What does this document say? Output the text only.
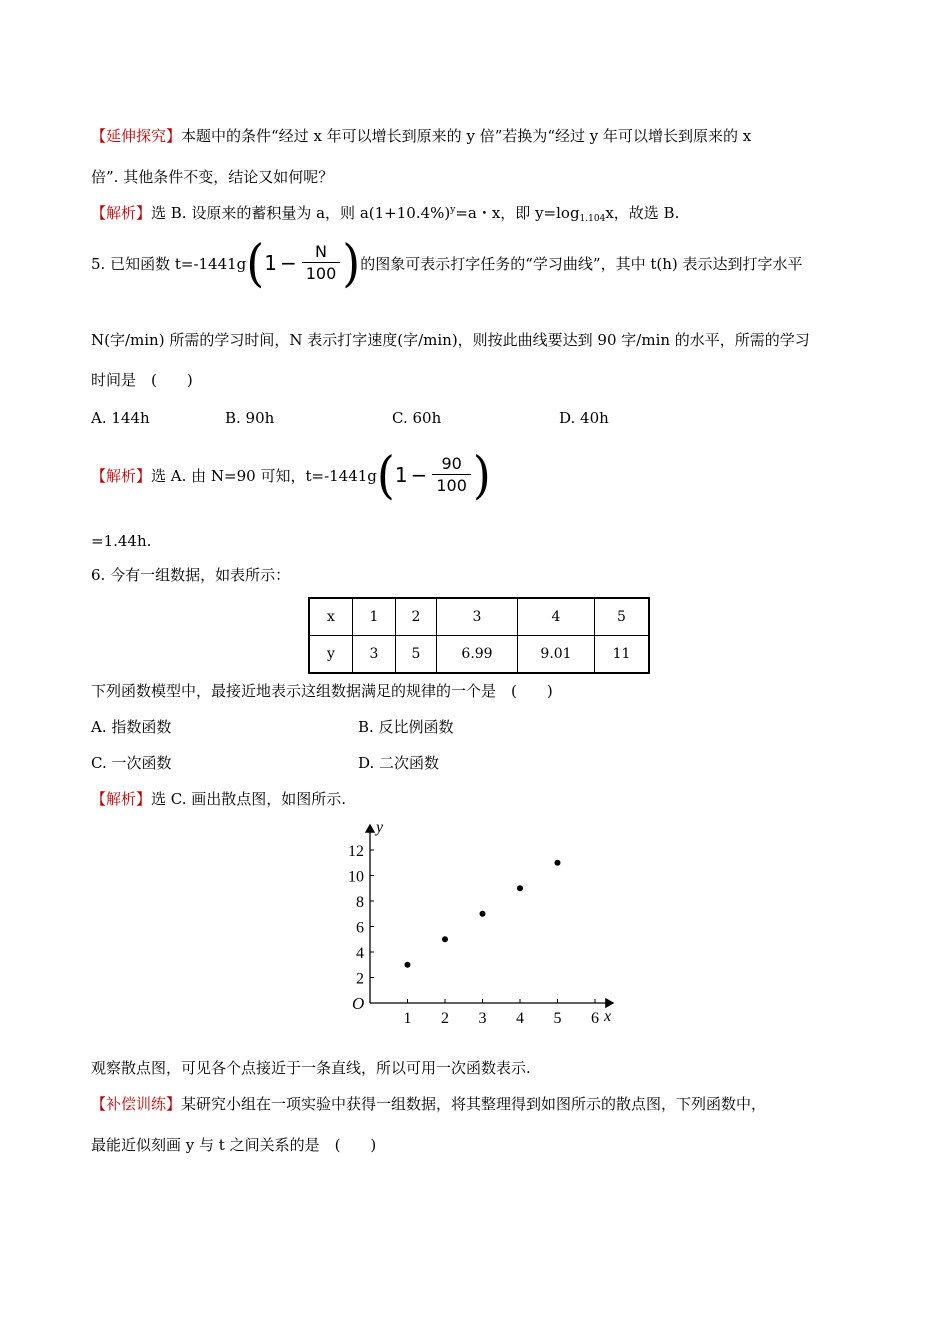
【延伸探究】本题中的条件“经过 x 年可以增长到原来的 y 倍”若换为“经过 y 年可以增长到原来的 x
倍”. 其他条件不变，结论又如何呢？
【解析】选 B. 设原来的蓄积量为 a，则 $a(1+10.4\%)^y=a$・x，即 $y=\log_{1.104}x$，故选 B.
5. 已知函数 t=-1441g ( $1 - \frac{N}{100}$ ) 的图象可表示打字任务的“学习曲线”，其中 t(h) 表示达到打字水平
N(字/min) 所需的学习时间，N 表示打字速度(字/min)，则按此曲线要达到 90 字/min 的水平，所需的学习
时间是　(　　)
A. 144h	B. 90h	C. 60h	D. 40h
【解析】 选 A. 由 N=90 可知，t=-1441g ( $1 - \frac{90}{100}$ )
=1.44h.
6. 今有一组数据，如表所示：
x	1	2	3	4	5
y	3	5	6.99	9.01	11
下列函数模型中，最接近地表示这组数据满足的规律的一个是　(　　)
A. 指数函数	B. 反比例函数
C. 一次函数	D. 二次函数
【解析】选 C. 画出散点图，如图所示.
O
x
y
1 2 3 4 5 6
2
4
6
8
10
12
观察散点图，可见各个点接近于一条直线，所以可用一次函数表示.
【补偿训练】某研究小组在一项实验中获得一组数据，将其整理得到如图所示的散点图，下列函数中，
最能近似刻画 y 与 t 之间关系的是　(　　)
